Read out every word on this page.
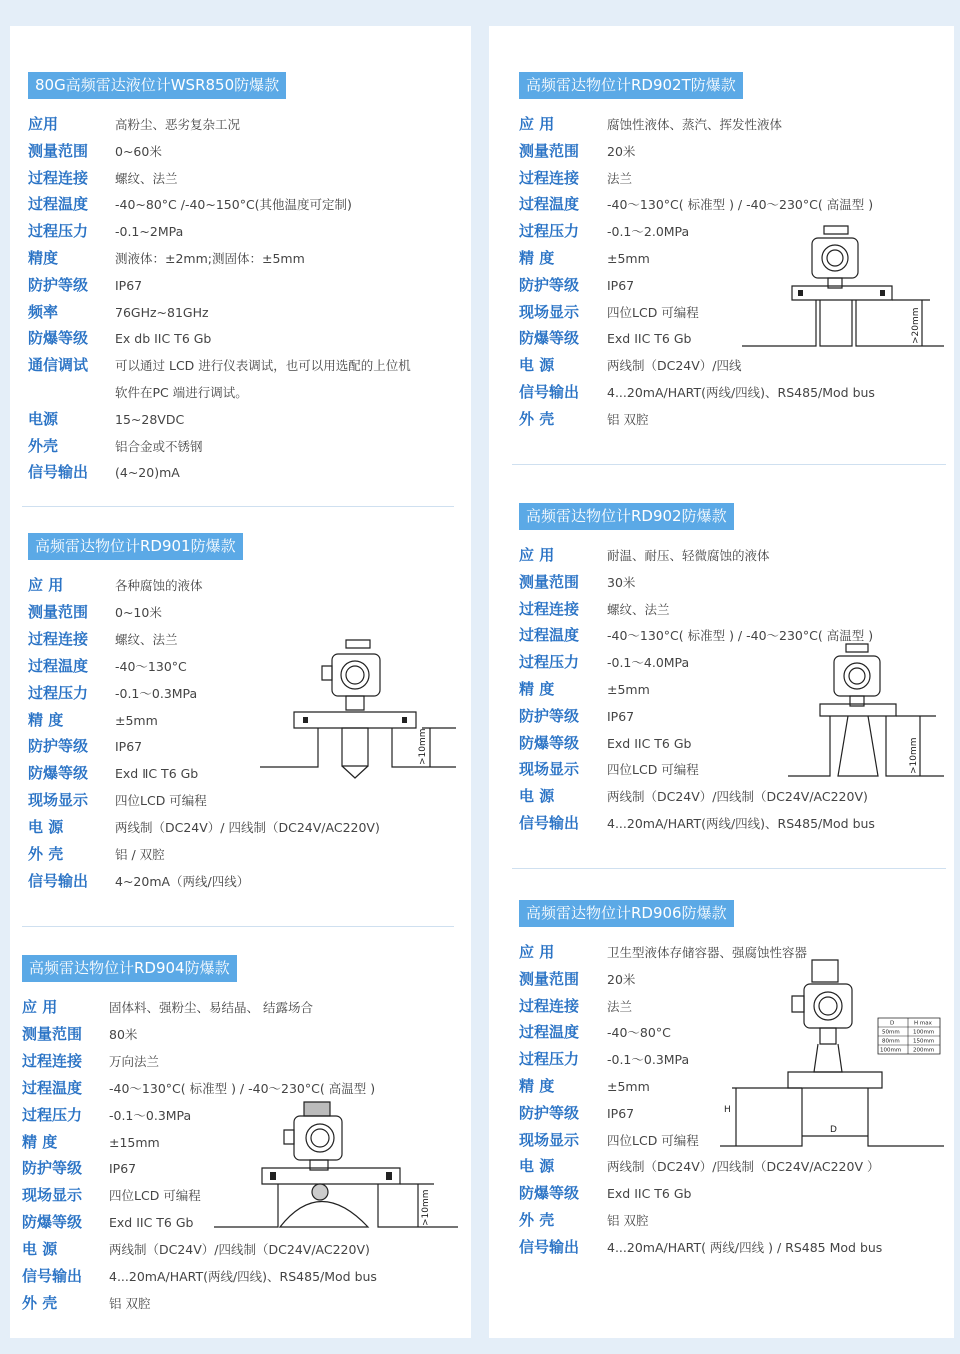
80G高频雷达液位计WSR850防爆款
应用	高粉尘、恶劣复杂工况
测量范围 0~60米
过程连接 螺纹、法兰
过程温度 -40~80°C /-40~150°C(其他温度可定制)
过程压力 -0.1~2MPa
精度	测液体：±2mm;测固体：±5mm
防护等级 IP67
频率	76GHz~81GHz
防爆等级 Ex db IIC T6 Gb
通信调试 可以通过 LCD 进行仪表调试，也可以用选配的上位机
软件在PC 端进行调试。
电源	15~28VDC
外壳	铝合金或不锈钢
信号输出 (4~20)mA
高频雷达物位计RD901防爆款
应 用	各种腐蚀的液体
测量范围 0~10米
过程连接 螺纹、法兰
过程温度 -40～130°C
过程压力 -0.1～0.3MPa
精 度	±5mm
防护等级 IP67
防爆等级 Exd ⅡC T6 Gb
现场显示 四位LCD 可编程
电 源	两线制（DC24V）/ 四线制（DC24V/AC220V)
外 壳	铝 / 双腔
信号输出 4~20mA（两线/四线）
>10mm
高频雷达物位计RD904防爆款
应 用	固体料、强粉尘、易结晶、 结露场合
测量范围 80米
过程连接 万向法兰
过程温度 -40～130°C( 标准型 ) / -40～230°C( 高温型 )
过程压力 -0.1～0.3MPa
精 度	±15mm
防护等级 IP67
现场显示 四位LCD 可编程
防爆等级 Exd IIC T6 Gb
电 源	两线制（DC24V）/四线制（DC24V/AC220V)
信号输出 4...20mA/HART(两线/四线)、RS485/Mod bus
外 壳	铝 双腔
>10mm
高频雷达物位计RD902T防爆款
应 用	腐蚀性液体、蒸汽、挥发性液体
测量范围 20米
过程连接 法兰
过程温度 -40～130°C( 标准型 ) / -40～230°C( 高温型 )
过程压力 -0.1～2.0MPa
精 度	±5mm
防护等级 IP67
现场显示 四位LCD 可编程
防爆等级 Exd IIC T6 Gb
电 源	两线制（DC24V）/四线
信号输出 4...20mA/HART(两线/四线)、RS485/Mod bus
外 壳	铝 双腔
>20mm
高频雷达物位计RD902防爆款
应 用	耐温、耐压、轻微腐蚀的液体
测量范围 30米
过程连接 螺纹、法兰
过程温度 -40～130°C( 标准型 ) / -40～230°C( 高温型 )
过程压力 -0.1～4.0MPa
精 度	±5mm
防护等级 IP67
防爆等级 Exd IIC T6 Gb
现场显示 四位LCD 可编程
电 源	两线制（DC24V）/四线制（DC24V/AC220V)
信号输出 4...20mA/HART(两线/四线)、RS485/Mod bus
>10mm
高频雷达物位计RD906防爆款
应 用	卫生型液体存储容器、强腐蚀性容器
测量范围 20米
过程连接 法兰
过程温度 -40～80°C
过程压力 -0.1～0.3MPa
精 度	±5mm
防护等级 IP67
现场显示 四位LCD 可编程
电 源	两线制（DC24V）/四线制（DC24V/AC220V ）
防爆等级 Exd IIC T6 Gb
外 壳	铝 双腔
信号输出 4...20mA/HART( 两线/四线 ) / RS485 Mod bus
H
D
D	H max
50mm 100mm
80mm 150mm
100mm 200mm
